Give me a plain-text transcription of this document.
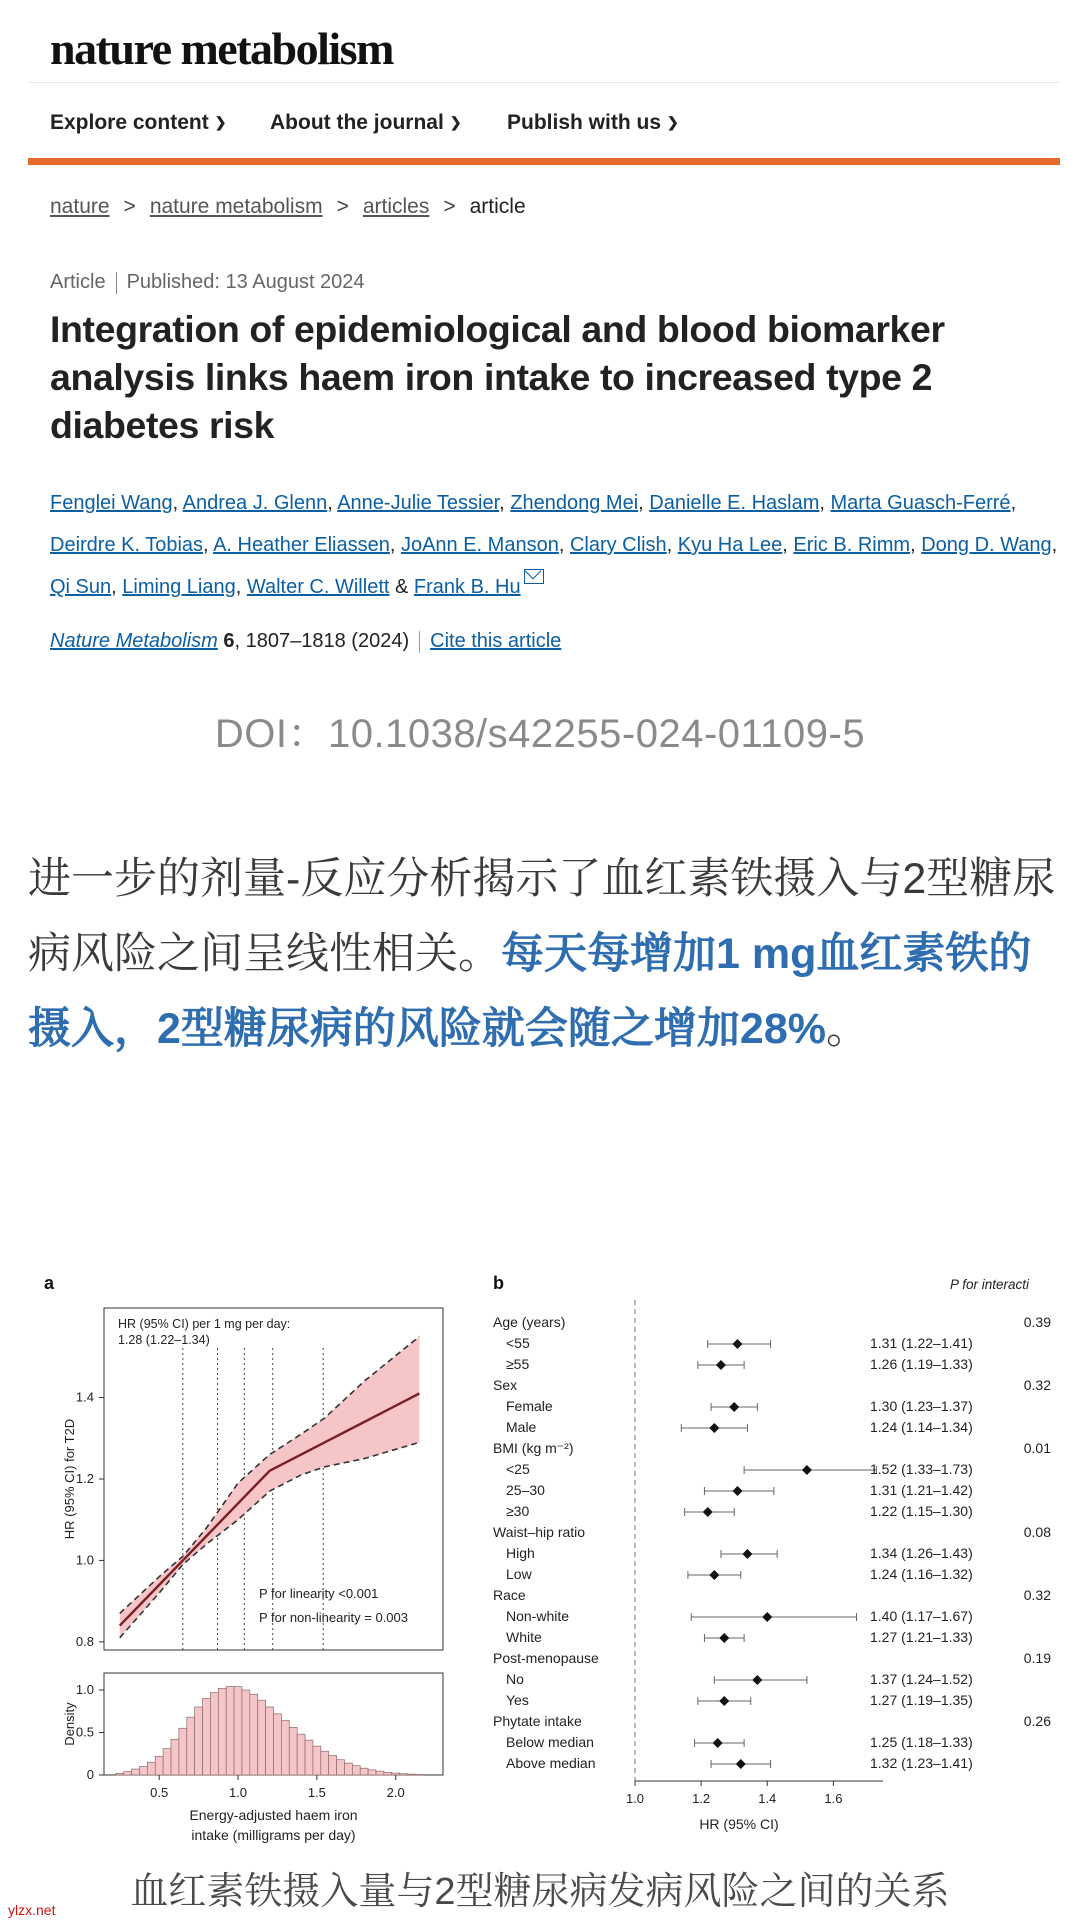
nature metabolism
Explore content ❯ About the journal ❯ Publish with us ❯
nature > nature metabolism > articles > article
Article Published: 13 August 2024
Integration of epidemiological and blood biomarker analysis links haem iron intake to increased type 2 diabetes risk
Fenglei Wang, Andrea J. Glenn, Anne-Julie Tessier, Zhendong Mei, Danielle E. Haslam, Marta Guasch-Ferré, Deirdre K. Tobias, A. Heather Eliassen, JoAnn E. Manson, Clary Clish, Kyu Ha Lee, Eric B. Rimm, Dong D. Wang, Qi Sun, Liming Liang, Walter C. Willett & Frank B. Hu
Nature Metabolism 6, 1807–1818 (2024) Cite this article
DOI：10.1038/s42255-024-01109-5
进一步的剂量-反应分析揭示了血红素铁摄入与2型糖尿病风险之间呈线性相关。每天每增加1 mg血红素铁的摄入，2型糖尿病的风险就会随之增加28%。
a
HR (95% CI) per 1 mg per day:
1.28 (1.22–1.34)
P for linearity <0.001
P for non-linearity = 0.003
1.4
1.2
1.0
0.8
HR (95% CI) for T2D
1.0
0.5
0
Density
0.5	1.0	1.5	2.0
Energy-adjusted haem iron
intake (milligrams per day)
b	P for interacti
Age (years)	0.39
<55	1.31 (1.22–1.41)
≥55	1.26 (1.19–1.33)
Sex	0.32
Female	1.30 (1.23–1.37)
Male	1.24 (1.14–1.34)
BMI (kg m⁻²)	0.01
<25	1.52 (1.33–1.73)
25–30	1.31 (1.21–1.42)
≥30	1.22 (1.15–1.30)
Waist–hip ratio	0.08
High	1.34 (1.26–1.43)
Low	1.24 (1.16–1.32)
Race	0.32
Non-white	1.40 (1.17–1.67)
White	1.27 (1.21–1.33)
Post-menopause	0.19
No	1.37 (1.24–1.52)
Yes	1.27 (1.19–1.35)
Phytate intake	0.26
Below median	1.25 (1.18–1.33)
Above median	1.32 (1.23–1.41)
1.0	1.2	1.4	1.6
HR (95% CI)
血红素铁摄入量与2型糖尿病发病风险之间的关系
ylzx.net
